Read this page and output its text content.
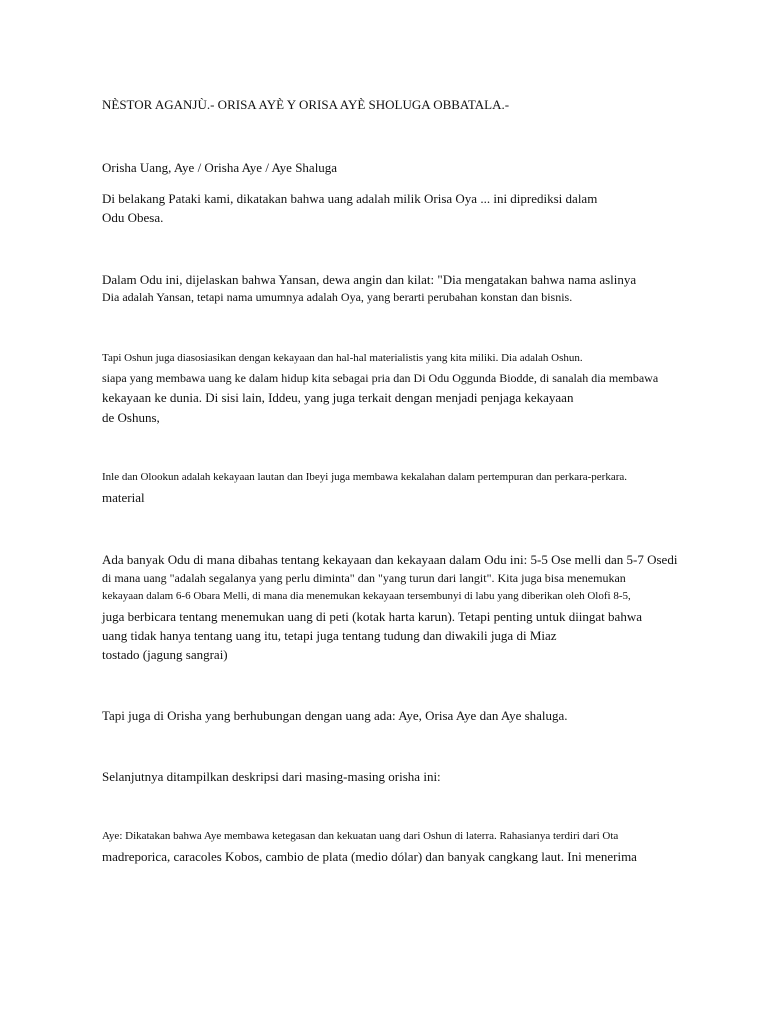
NÈSTOR AGANJÙ.- ORISA AYÈ Y ORISA AYÈ SHOLUGA OBBATALA.-
Orisha Uang, Aye / Orisha Aye / Aye Shaluga
Di belakang Pataki kami, dikatakan bahwa uang adalah milik Orisa Oya ... ini diprediksi dalam
Odu Obesa.
Dalam Odu ini, dijelaskan bahwa Yansan, dewa angin dan kilat: "Dia mengatakan bahwa nama aslinya
Dia adalah Yansan, tetapi nama umumnya adalah Oya, yang berarti perubahan konstan dan bisnis.
Tapi Oshun juga diasosiasikan dengan kekayaan dan hal-hal materialistis yang kita miliki. Dia adalah Oshun.
siapa yang membawa uang ke dalam hidup kita sebagai pria dan Di Odu Oggunda Biodde, di sanalah dia membawa
kekayaan ke dunia. Di sisi lain, Iddeu, yang juga terkait dengan menjadi penjaga kekayaan
de Oshuns,
Inle dan Olookun adalah kekayaan lautan dan Ibeyi juga membawa kekalahan dalam pertempuran dan perkara-perkara.
material
Ada banyak Odu di mana dibahas tentang kekayaan dan kekayaan dalam Odu ini: 5-5 Ose melli dan 5-7 Osedi
di mana uang "adalah segalanya yang perlu diminta" dan "yang turun dari langit". Kita juga bisa menemukan
kekayaan dalam 6-6 Obara Melli, di mana dia menemukan kekayaan tersembunyi di labu yang diberikan oleh Olofi 8-5,
juga berbicara tentang menemukan uang di peti (kotak harta karun). Tetapi penting untuk diingat bahwa
uang tidak hanya tentang uang itu, tetapi juga tentang tudung dan diwakili juga di Miaz
tostado (jagung sangrai)
Tapi juga di Orisha yang berhubungan dengan uang ada: Aye, Orisa Aye dan Aye shaluga.
Selanjutnya ditampilkan deskripsi dari masing-masing orisha ini:
Aye: Dikatakan bahwa Aye membawa ketegasan dan kekuatan uang dari Oshun di laterra. Rahasianya terdiri dari Ota
madreporica, caracoles Kobos, cambio de plata (medio dólar) dan banyak cangkang laut. Ini menerima
